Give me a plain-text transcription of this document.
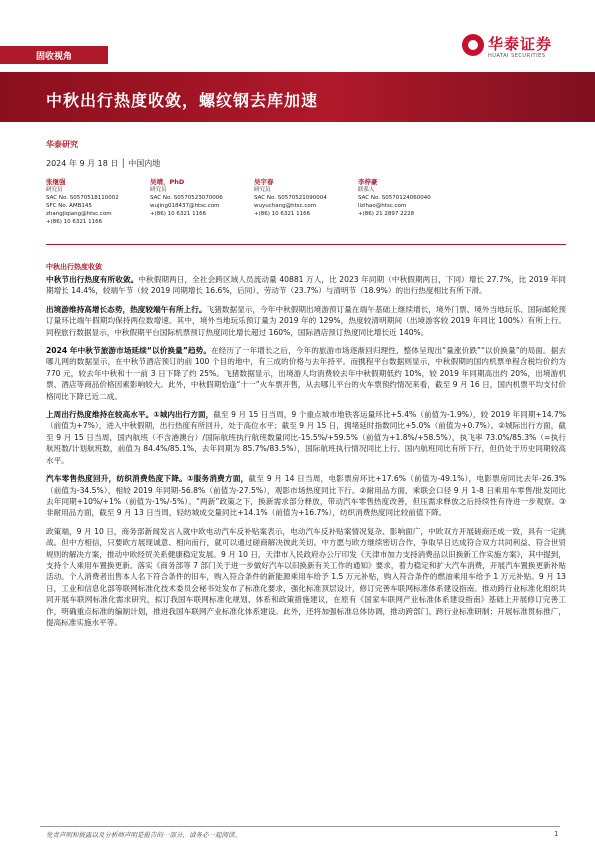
固收视角
华泰证券
HUATAI SECURITIES
中秋出行热度收敛，螺纹钢去库加速
华泰研究
2024 年 9 月 18 日 │ 中国内地
张继强
研究员
SAC No. S0570518110002
SFC No. AMB145
zhangjiqiang@htsc.com
+(86) 10 6321 1166
吴靖，PhD
研究员
SAC No. S0570523070006
wujing018437@htsc.com
+(86) 10 6321 1166
吴宇春
研究员
SAC No. S0570521090004
wuyuchang@htsc.com
+(86) 10 6321 1166
李梓豪
联系人
SAC No. S0570124060040
lizihao@htsc.com
+(86) 21 2897 2228
中秋出行热度收敛

中秋节出行热度有所收敛。中秋假期两日，全社会跨区域人员流动量 40881 万人，比 2023 年同期（中秋假期两日，下同）增长 27.7%，比 2019 年同期增长 14.4%，较端午节（较 2019 同期增长 16.6%，后同）、劳动节（23.7%）与清明节（18.9%）的出行热度相比有所下滑。

出境游维持高增长态势，热度较端午有所上行。飞猪数据显示，今年中秋假期出境游预订量在端午基础上继续增长，境外门票、境外当地玩乐、国际邮轮预订量环比端午假期均保持两位数增速。其中，境外当地玩乐预订量为 2019 年的 129%，热度较清明期间（出境游客较 2019 年同比 100%）有所上行。同程旅行数据显示，中秋假期平台国际机票预订热度同比增长超过 160%，国际酒店预订热度同比增长近 140%。

2024 年中秋节旅游市场延续“以价换量”趋势。在经历了一年增长之后，今年的旅游市场逐渐回归理性，整体呈现出“量涨价跌”“以价换量”的局面。据去哪儿网的数据显示，在中秋节酒店预订的前 100 个目的地中，有三成的价格与去年持平。而携程平台数据则显示，中秋假期的国内机票单程含税均价约为 770 元，较去年中秋和十一前 3 日下降了约 25%。飞猪数据显示，出境游人均消费较去年中秋假期低约 10%，较 2019 年同期高出约 20%，出境游机票、酒店等商品价格因素影响较大。此外，中秋假期恰逢“十一”火车票开售，从去哪儿平台的火车票预约情况来看，截至 9 月 16 日，国内机票平均支付价格同比下降已近二成。

上周出行热度维持在较高水平。①城内出行方面，截至 9 月 15 日当周，9 个重点城市地铁客运量环比+5.4%（前值为-1.9%），较 2019 年同期+14.7%（前值为+7%），进入中秋假期，出行热度有所回升，处于高位水平；截至 9 月 15 日，拥堵延时指数同比+5.0%（前值为+0.7%）。②城际出行方面，截至 9 月 15 日当周，国内航班（不含港澳台）/国际航班执行航班数量同比-15.5%/+59.5%（前值为+1.8%/+58.5%），执飞率 73.0%/85.3%（=执行航班数/计划航班数，前值为 84.4%/85.1%，去年同期为 85.7%/83.5%），国际航班执行情况同比上行、国内航班同比有所下行，但仍处于历史同期较高水平。

汽车零售热度回升，纺织消费热度下降。①服务消费方面，截至 9 月 14 日当周，电影票房环比+17.6%（前值为-49.1%），电影票房同比去年-26.3%（前值为-34.5%），相较 2019 年同期-56.8%（前值为-27.5%），观影市场热度同比下行。②耐用品方面，乘联会口径 9 月 1-8 日乘用车零售/批发同比去年同期+10%/+1%（前值为-1%/-5%）。“两新”政策之下，换新需求部分释放，带动汽车零售热度改善，但压需求释放之后持续性有待进一步观察。③非耐用品方面，截至 9 月 13 日当周，轻纺城成交量同比+14.1%（前值为+16.7%），纺织消费热度同比较前值下降。

政策端，9 月 10 日，商务部新闻发言人就中欧电动汽车反补贴案表示，电动汽车反补贴案情况复杂、影响面广，中欧双方开展磋商还成一致，具有一定挑战。但中方相信，只要欧方展现诚意、相向而行，就可以通过磋商解决彼此关切。中方愿与欧方继续密切合作，争取早日达成符合双方共同利益、符合世贸规则的解决方案，推动中欧经贸关系健康稳定发展。9 月 10 日，天津市人民政府办公厅印发《天津市加力支持消费品以旧换新工作实施方案》，其中提到，支持个人乘用车置换更新。落实《商务部等 7 部门关于进一步做好汽车以旧换新有关工作的通知》要求，着力稳定和扩大汽车消费，开展汽车置换更新补贴活动。个人消费者出售本人名下符合条件的旧车，购入符合条件的新能源乘用车给予 1.5 万元补贴，购入符合条件的燃油乘用车给予 1 万元补贴。9 月 13 日，工业和信息化部等联网标准化技术委员会秘书处发布了标准化要求，强化标准顶层设计，修订完善车联网标准体系建设指南。推动跨行业标准化组织共同开展车联网标准化需求研究，拟订我国车联网标准化规划、体系和政策措施建议，在原有《国家车联网产业标准体系建设指南》基础上开展修订完善工作，明确重点标准的编制计划，推进我国车联网产业标准化体系建设。此外，还将加强标准总体协调，推动跨部门、跨行业标准研制；开展标准贯标推广，提高标准实施水平等。

免责声明和披露以及分析师声明是报告的一部分，请务必一起阅读。	1
